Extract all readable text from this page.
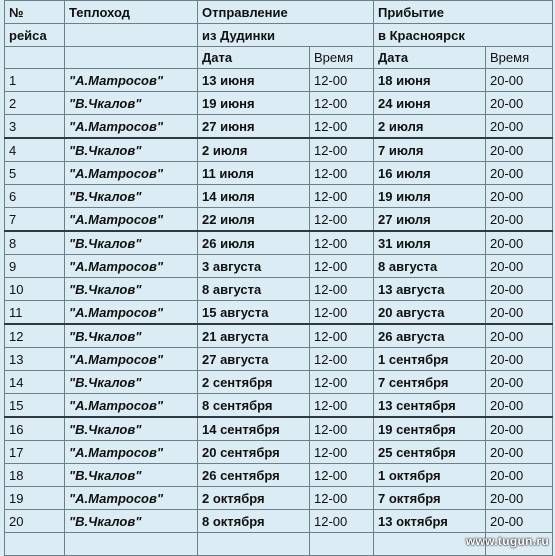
№	Теплоход	Отправление		Прибытие	
рейса		из Дудинки		в Красноярск	
		Дата	Время	Дата	Время
1	"А.Матросов"	13 июня	12-00	18 июня	20-00
2	"В.Чкалов"	19 июня	12-00	24 июня	20-00
3	"А.Матросов"	27 июня	12-00	2 июля	20-00
4	"В.Чкалов"	2 июля	12-00	7 июля	20-00
5	"А.Матросов"	11 июля	12-00	16 июля	20-00
6	"В.Чкалов"	14 июля	12-00	19 июля	20-00
7	"А.Матросов"	22 июля	12-00	27 июля	20-00
8	"В.Чкалов"	26 июля	12-00	31 июля	20-00
9	"А.Матросов"	3 августа	12-00	8 августа	20-00
10	"В.Чкалов"	8 августа	12-00	13 августа	20-00
11	"А.Матросов"	15 августа	12-00	20 августа	20-00
12	"В.Чкалов"	21 августа	12-00	26 августа	20-00
13	"А.Матросов"	27 августа	12-00	1 сентября	20-00
14	"В.Чкалов"	2 сентября	12-00	7 сентября	20-00
15	"А.Матросов"	8 сентября	12-00	13 сентября	20-00
16	"В.Чкалов"	14 сентября	12-00	19 сентября	20-00
17	"А.Матросов"	20 сентября	12-00	25 сентября	20-00
18	"В.Чкалов"	26 сентября	12-00	1 октября	20-00
19	"А.Матросов"	2 октября	12-00	7 октября	20-00
20	"В.Чкалов"	8 октября	12-00	13 октября	20-00

www.tugun.ru
